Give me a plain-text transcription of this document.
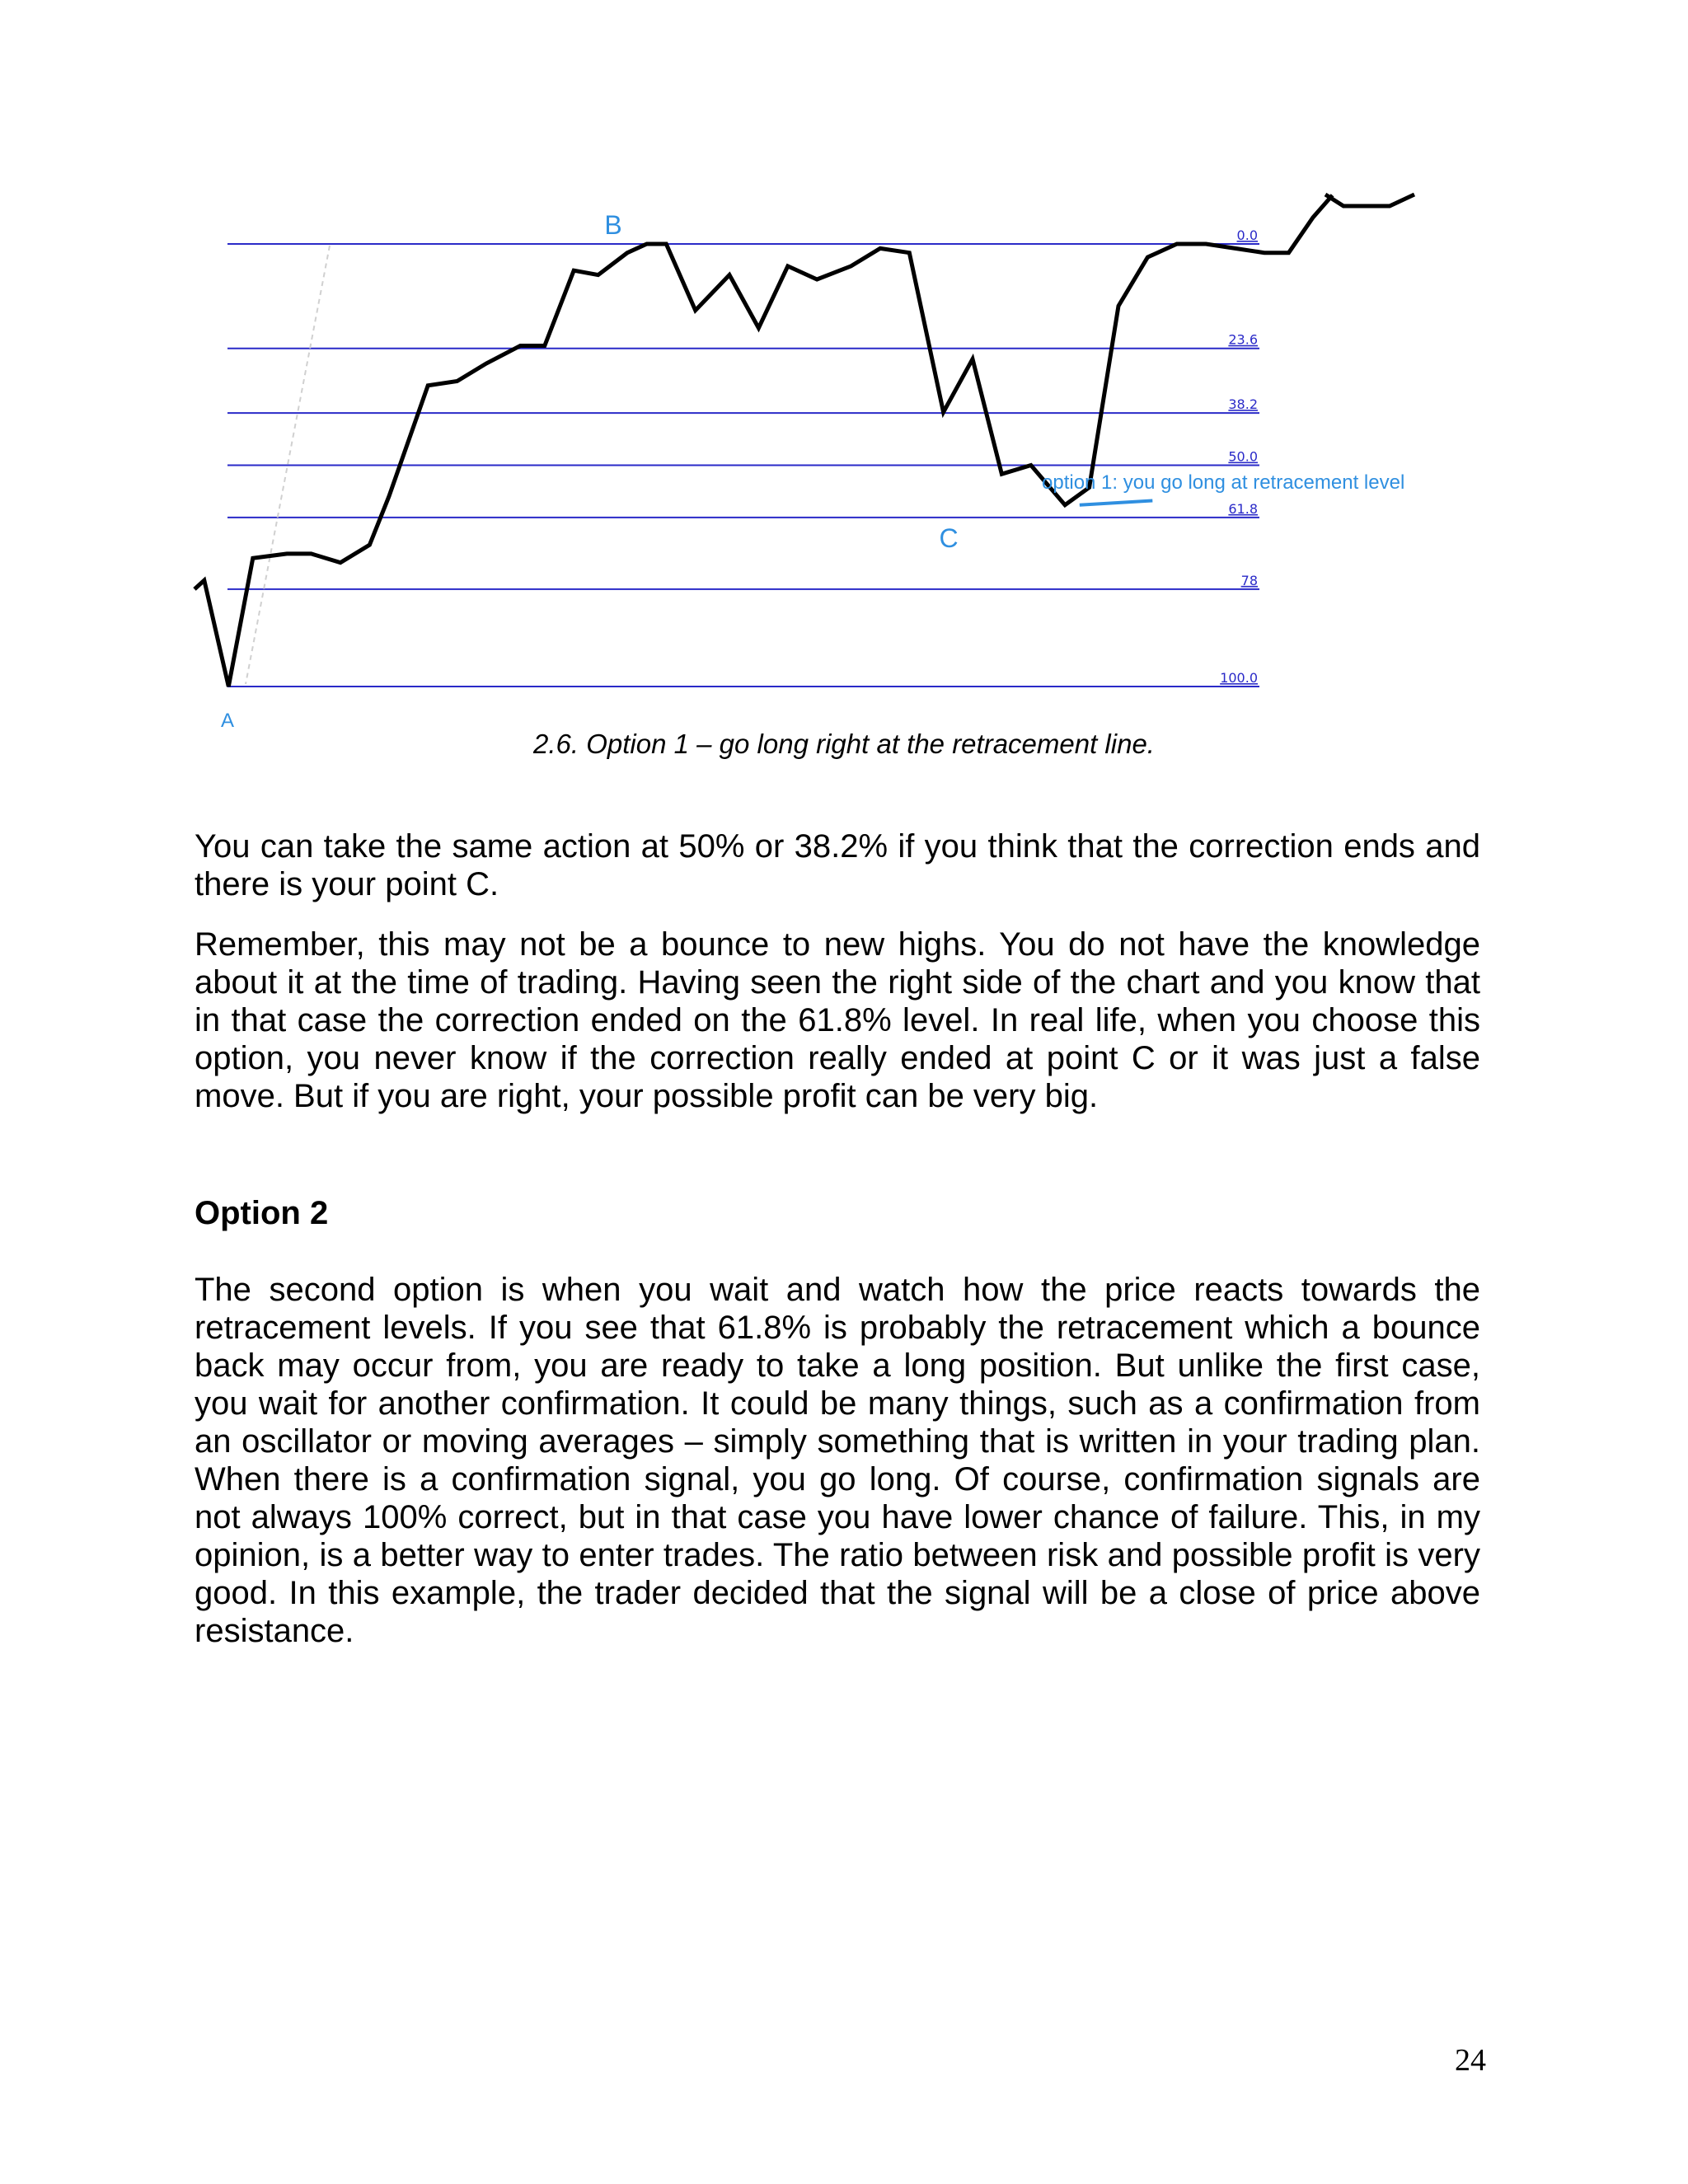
0.0
23.6
38.2
50.0
61.8
78
100.0
A
B
C
option 1: you go long at retracement level
2.6. Option 1 – go long right at the retracement line.

You can take the same action at 50% or 38.2% if you think that the correction ends and there is your point C.

Remember, this may not be a bounce to new highs. You do not have the knowledge about it at the time of trading. Having seen the right side of the chart and you know that in that case the correction ended on the 61.8% level. In real life, when you choose this option, you never know if the correction really ended at point C or it was just a false move. But if you are right, your possible profit can be very big.

Option 2

The second option is when you wait and watch how the price reacts towards the retracement levels. If you see that 61.8% is probably the retracement which a bounce back may occur from, you are ready to take a long position. But unlike the first case, you wait for another confirmation. It could be many things, such as a confirmation from an oscillator or moving averages – simply something that is written in your trading plan. When there is a confirmation signal, you go long. Of course, confirmation signals are not always 100% correct, but in that case you have lower chance of failure. This, in my opinion, is a better way to enter trades. The ratio between risk and possible profit is very good. In this example, the trader decided that the signal will be a close of price above resistance.

24
